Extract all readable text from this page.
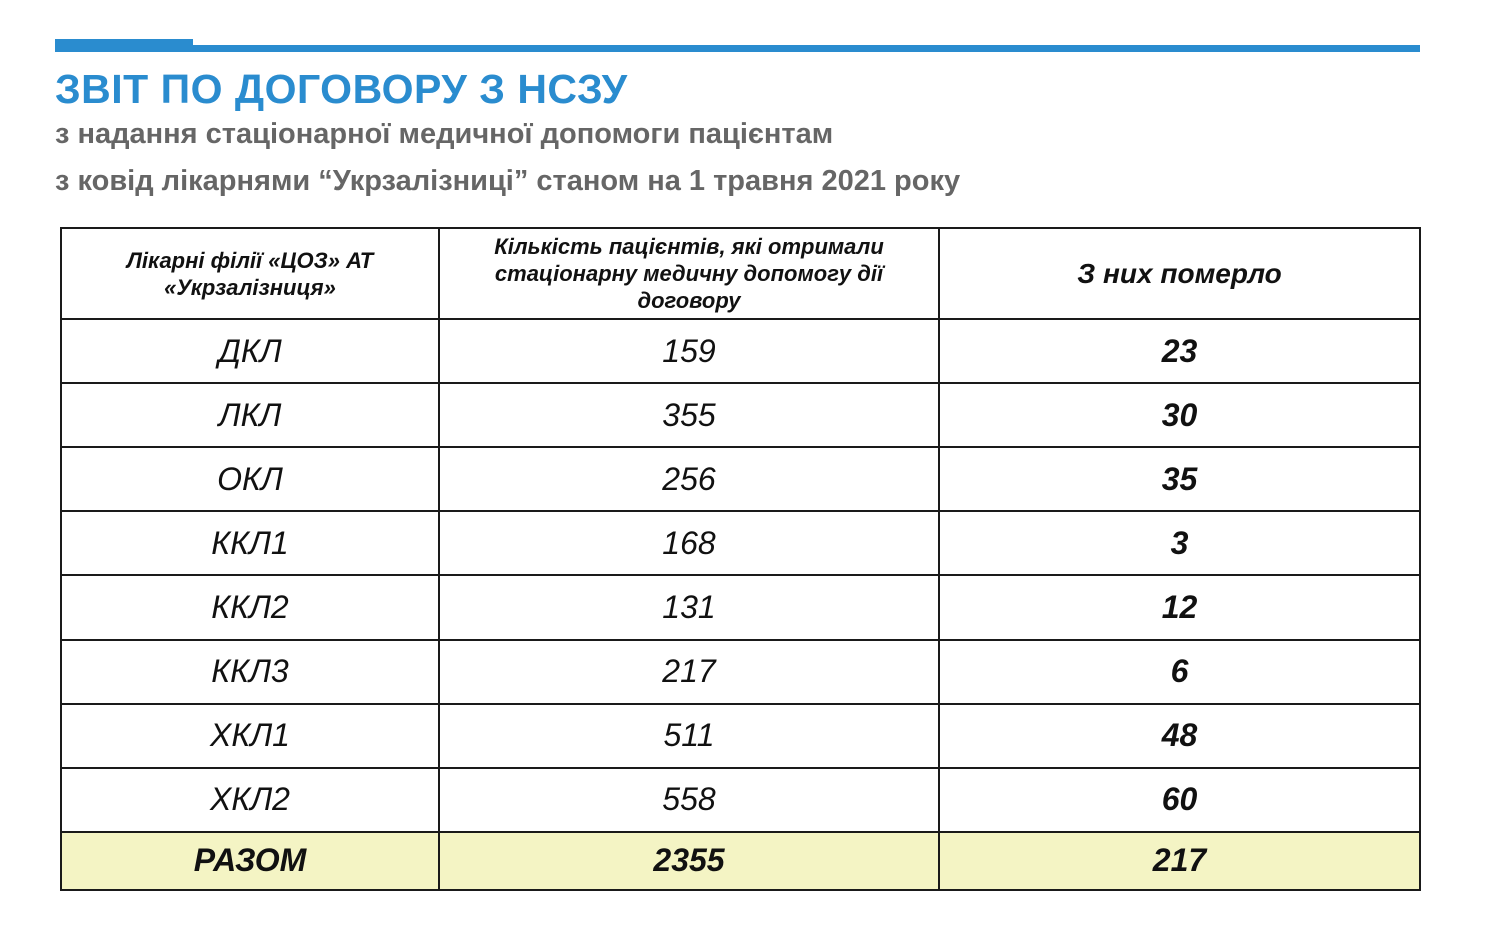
ЗВІТ ПО ДОГОВОРУ З НСЗУ
з надання стаціонарної медичної допомоги пацієнтам
з ковід лікарнями “Укрзалізниці” станом на 1 травня 2021 року
Лікарні філії «ЦОЗ» АТ «Укрзалізниця»	Кількість пацієнтів, які отримали стаціонарну медичну допомогу дії договору	З них померло
ДКЛ	159	23
ЛКЛ	355	30
ОКЛ	256	35
ККЛ1	168	3
ККЛ2	131	12
ККЛ3	217	6
ХКЛ1	511	48
ХКЛ2	558	60
РАЗОМ	2355	217
